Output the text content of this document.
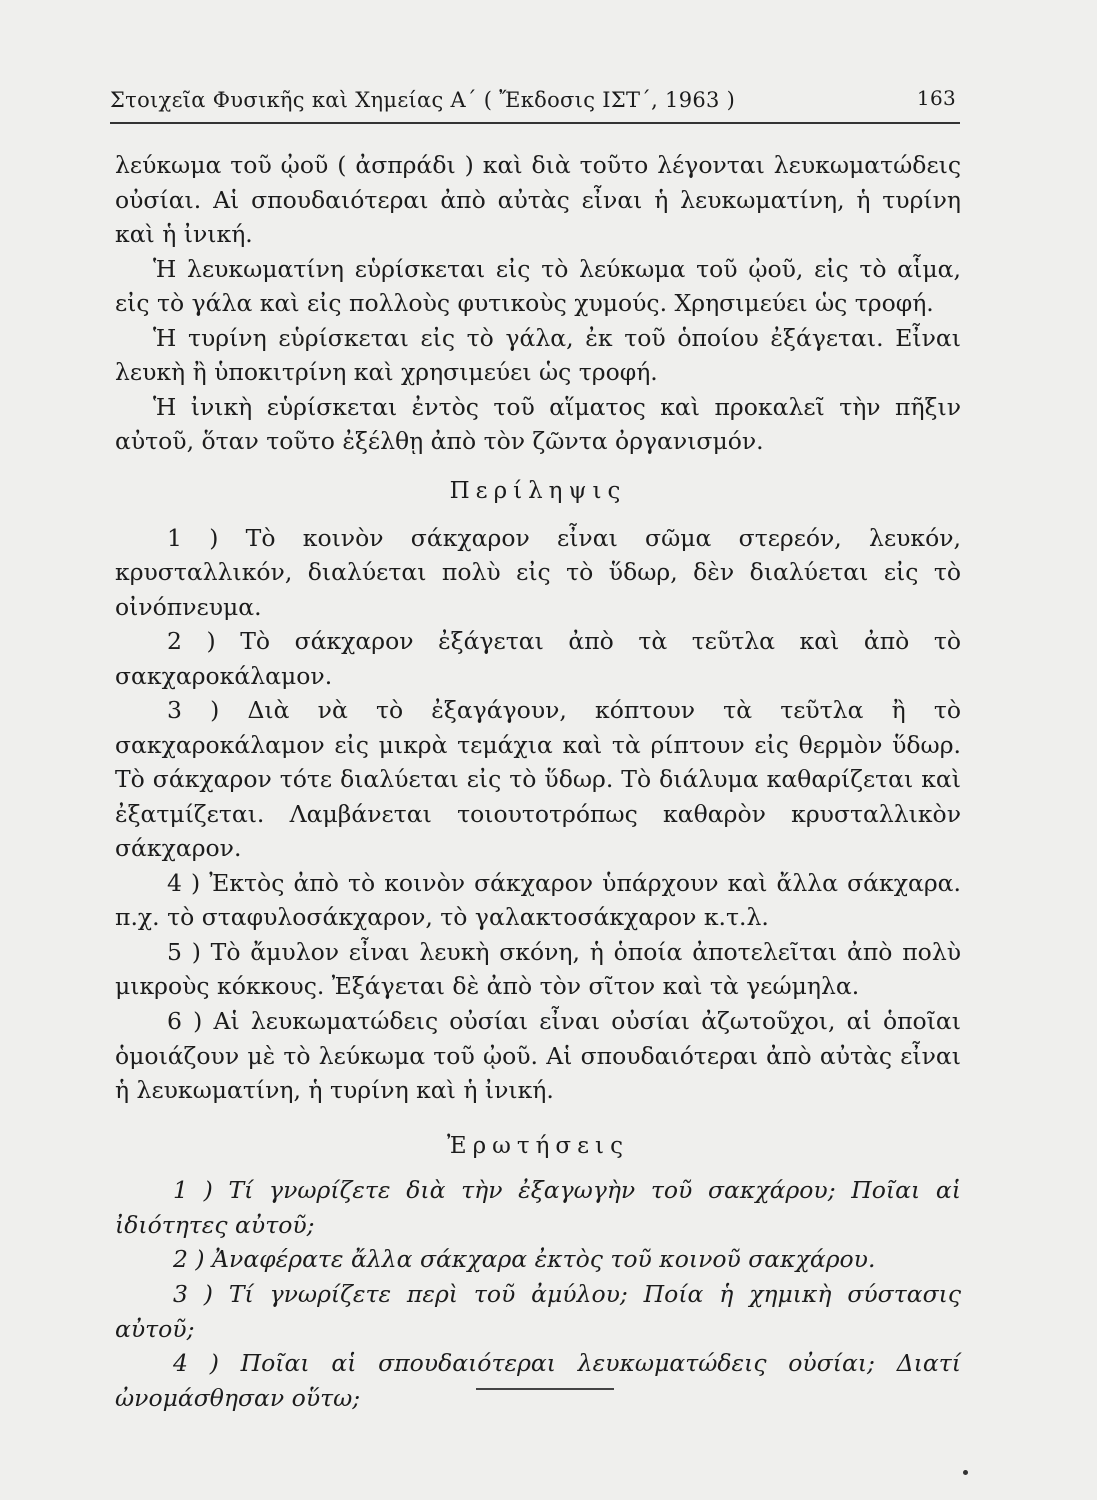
Στοιχεῖα Φυσικῆς καὶ Χημείας Α΄ ( Ἔκδοσις ΙΣΤ΄, 1963 )	163

λεύκωμα τοῦ ᾠοῦ ( ἀσπράδι ) καὶ διὰ τοῦτο λέγονται λευκωματώδεις οὐσίαι. Αἱ σπουδαιότεραι ἀπὸ αὐτὰς εἶναι ἡ λευκωματίνη, ἡ τυρίνη καὶ ἡ ἰνική.

Ἡ λευκωματίνη εὑρίσκεται εἰς τὸ λεύκωμα τοῦ ᾠοῦ, εἰς τὸ αἷμα, εἰς τὸ γάλα καὶ εἰς πολλοὺς φυτικοὺς χυμούς. Χρησιμεύει ὡς τροφή.

Ἡ τυρίνη εὑρίσκεται εἰς τὸ γάλα, ἐκ τοῦ ὁποίου ἐξάγεται. Εἶναι λευκὴ ἢ ὑποκιτρίνη καὶ χρησιμεύει ὡς τροφή.

Ἡ ἰνικὴ εὑρίσκεται ἐντὸς τοῦ αἵματος καὶ προκαλεῖ τὴν πῆξιν αὐτοῦ, ὅταν τοῦτο ἐξέλθῃ ἀπὸ τὸν ζῶντα ὀργανισμόν.

Περίληψις

1 ) Τὸ κοινὸν σάκχαρον εἶναι σῶμα στερεόν, λευκόν, κρυσταλλικόν, διαλύεται πολὺ εἰς τὸ ὕδωρ, δὲν διαλύεται εἰς τὸ οἰνόπνευμα.

2 ) Τὸ σάκχαρον ἐξάγεται ἀπὸ τὰ τεῦτλα καὶ ἀπὸ τὸ σακχαροκάλαμον.

3 ) Διὰ νὰ τὸ ἐξαγάγουν, κόπτουν τὰ τεῦτλα ἢ τὸ σακχαροκάλαμον εἰς μικρὰ τεμάχια καὶ τὰ ρίπτουν εἰς θερμὸν ὕδωρ. Τὸ σάκχαρον τότε διαλύεται εἰς τὸ ὕδωρ. Τὸ διάλυμα καθαρίζεται καὶ ἐξατμίζεται. Λαμβάνεται τοιουτοτρόπως καθαρὸν κρυσταλλικὸν σάκχαρον.

4 ) Ἐκτὸς ἀπὸ τὸ κοινὸν σάκχαρον ὑπάρχουν καὶ ἄλλα σάκχαρα. π.χ. τὸ σταφυλοσάκχαρον, τὸ γαλακτοσάκχαρον κ.τ.λ.

5 ) Τὸ ἄμυλον εἶναι λευκὴ σκόνη, ἡ ὁποία ἀποτελεῖται ἀπὸ πολὺ μικροὺς κόκκους. Ἐξάγεται δὲ ἀπὸ τὸν σῖτον καὶ τὰ γεώμηλα.

6 ) Αἱ λευκωματώδεις οὐσίαι εἶναι οὐσίαι ἀζωτοῦχοι, αἱ ὁποῖαι ὁμοιάζουν μὲ τὸ λεύκωμα τοῦ ᾠοῦ. Αἱ σπουδαιότεραι ἀπὸ αὐτὰς εἶναι ἡ λευκωματίνη, ἡ τυρίνη καὶ ἡ ἰνική.

Ἐρωτήσεις

1 ) Τί γνωρίζετε διὰ τὴν ἐξαγωγὴν τοῦ σακχάρου; Ποῖαι αἱ ἰδιότητες αὐτοῦ;

2 ) Ἀναφέρατε ἄλλα σάκχαρα ἐκτὸς τοῦ κοινοῦ σακχάρου.

3 ) Τί γνωρίζετε περὶ τοῦ ἀμύλου; Ποία ἡ χημικὴ σύστασις αὐτοῦ;

4 ) Ποῖαι αἱ σπουδαιότεραι λευκωματώδεις οὐσίαι; Διατί ὠνομάσθησαν οὕτω;
